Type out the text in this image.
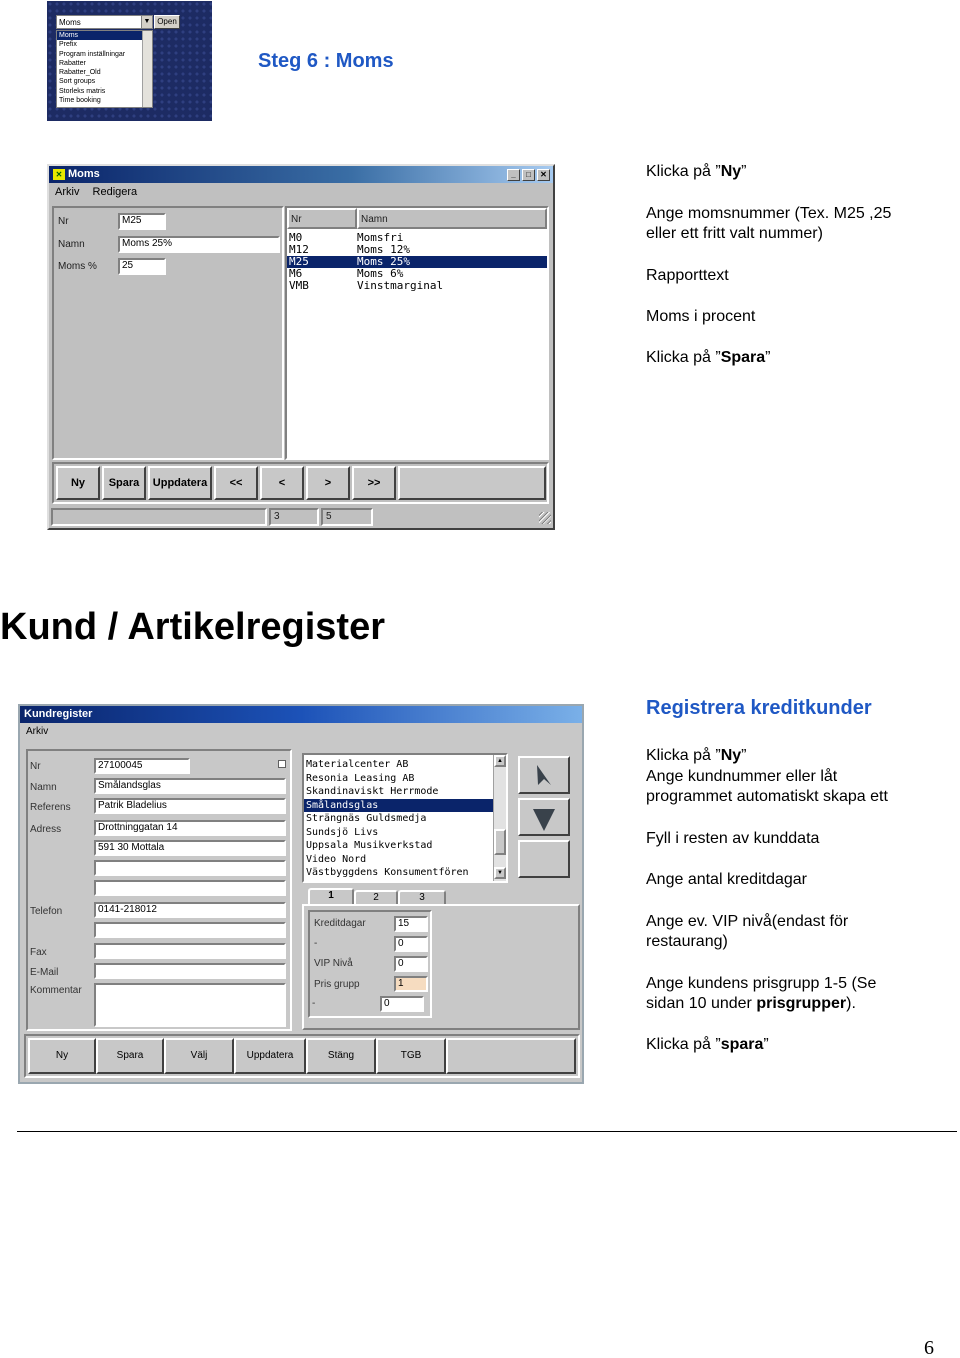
Moms	▼ Open
Moms
Prefix
Program inställningar
Rabatter
Rabatter_Old
Sort groups
Storleks matris
Time booking
Steg 6 : Moms
✕ Moms	_ □ ✕
Arkiv Redigera
Nr	M25
Namn	Moms 25%
Moms %	25
Nr	Namn
M0	Momsfri
M12	Moms 12%
M25	Moms 25%
M6	Moms 6%
VMB	Vinstmarginal
Ny	Spara	Uppdatera	<<	<	>	>>
3	5
Klicka på ”Ny”
Ange momsnummer (Tex. M25 ,25
eller ett fritt valt nummer)
Rapporttext
Moms i procent
Klicka på ”Spara”
Kund / Artikelregister
Registrera kreditkunder
Kundregister
Arkiv
Nr	27100045
Namn	Smålandsglas
Referens	Patrik Bladelius
Adress	Drottninggatan 14
591 30 Mottala
Telefon	0141-218012
Fax
E-Mail
Kommentar
Materialcenter AB
Resonia Leasing AB
Skandinaviskt Herrmode
Smålandsglas
Strängnäs Guldsmedja
Sundsjö Livs
Uppsala Musikverkstad
Video Nord
Västbyggdens Konsumentfören
▲
▼
1	2	3
Kreditdagar	15
-	0
VIP Nivå	0
Pris grupp	1
-	0
Ny	Spara	Välj	Uppdatera	Stäng	TGB
Klicka på ”Ny”
Ange kundnummer eller låt
programmet automatiskt skapa ett
Fyll i resten av kunddata
Ange antal kreditdagar
Ange ev. VIP nivå(endast för
restaurang)
Ange kundens prisgrupp 1-5 (Se
sidan 10 under prisgrupper).
Klicka på ”spara”
6
